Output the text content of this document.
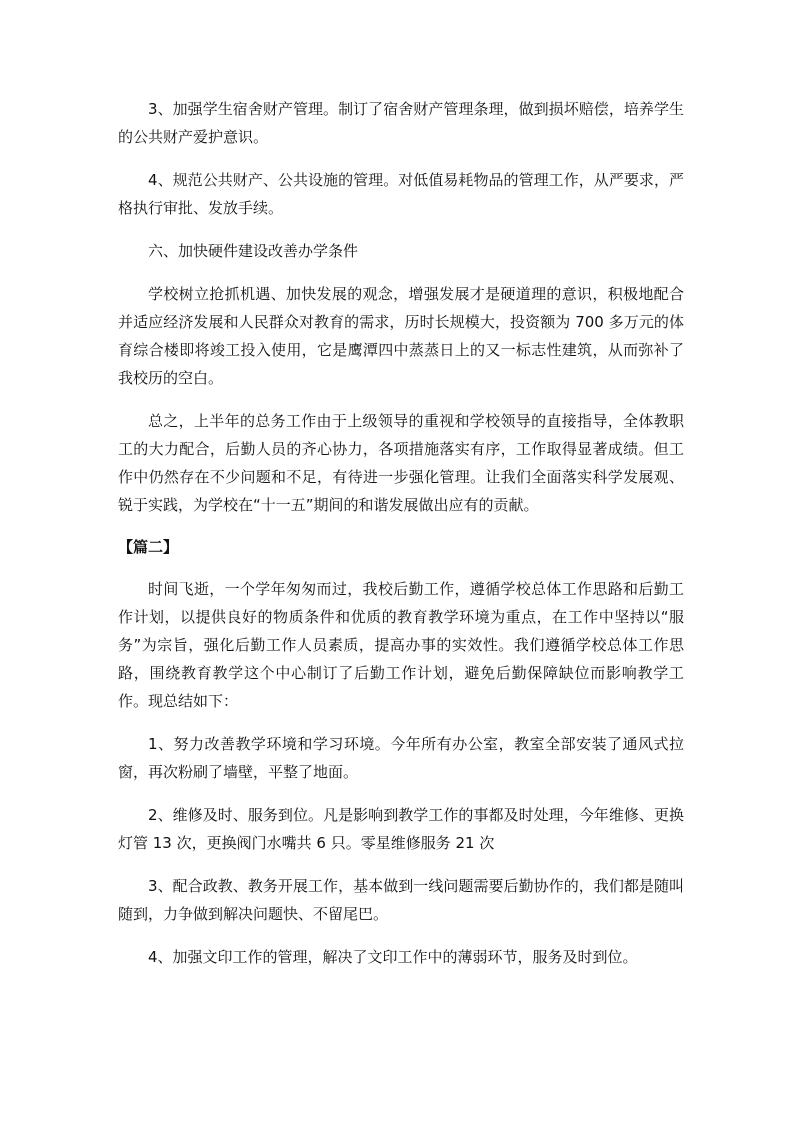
3、加强学生宿舍财产管理。制订了宿舍财产管理条理，做到损坏赔偿，培养学生的公共财产爱护意识。

4、规范公共财产、公共设施的管理。对低值易耗物品的管理工作，从严要求，严格执行审批、发放手续。

六、加快硬件建设改善办学条件

学校树立抢抓机遇、加快发展的观念，增强发展才是硬道理的意识，积极地配合并适应经济发展和人民群众对教育的需求，历时长规模大，投资额为 700 多万元的体育综合楼即将竣工投入使用，它是鹰潭四中蒸蒸日上的又一标志性建筑，从而弥补了我校历的空白。

总之，上半年的总务工作由于上级领导的重视和学校领导的直接指导，全体教职工的大力配合，后勤人员的齐心协力，各项措施落实有序，工作取得显著成绩。但工作中仍然存在不少问题和不足，有待进一步强化管理。让我们全面落实科学发展观、锐于实践，为学校在“十一五”期间的和谐发展做出应有的贡献。

【篇二】

时间飞逝，一个学年匆匆而过，我校后勤工作，遵循学校总体工作思路和后勤工作计划，以提供良好的物质条件和优质的教育教学环境为重点，在工作中坚持以“服务”为宗旨，强化后勤工作人员素质，提高办事的实效性。我们遵循学校总体工作思路，围绕教育教学这个中心制订了后勤工作计划，避免后勤保障缺位而影响教学工作。现总结如下：

1、努力改善教学环境和学习环境。今年所有办公室，教室全部安装了通风式拉窗，再次粉刷了墙壁，平整了地面。

2、维修及时、服务到位。凡是影响到教学工作的事都及时处理，今年维修、更换灯管 13 次，更换阀门水嘴共 6 只。零星维修服务 21 次

3、配合政教、教务开展工作，基本做到一线问题需要后勤协作的，我们都是随叫随到，力争做到解决问题快、不留尾巴。

4、加强文印工作的管理，解决了文印工作中的薄弱环节，服务及时到位。
